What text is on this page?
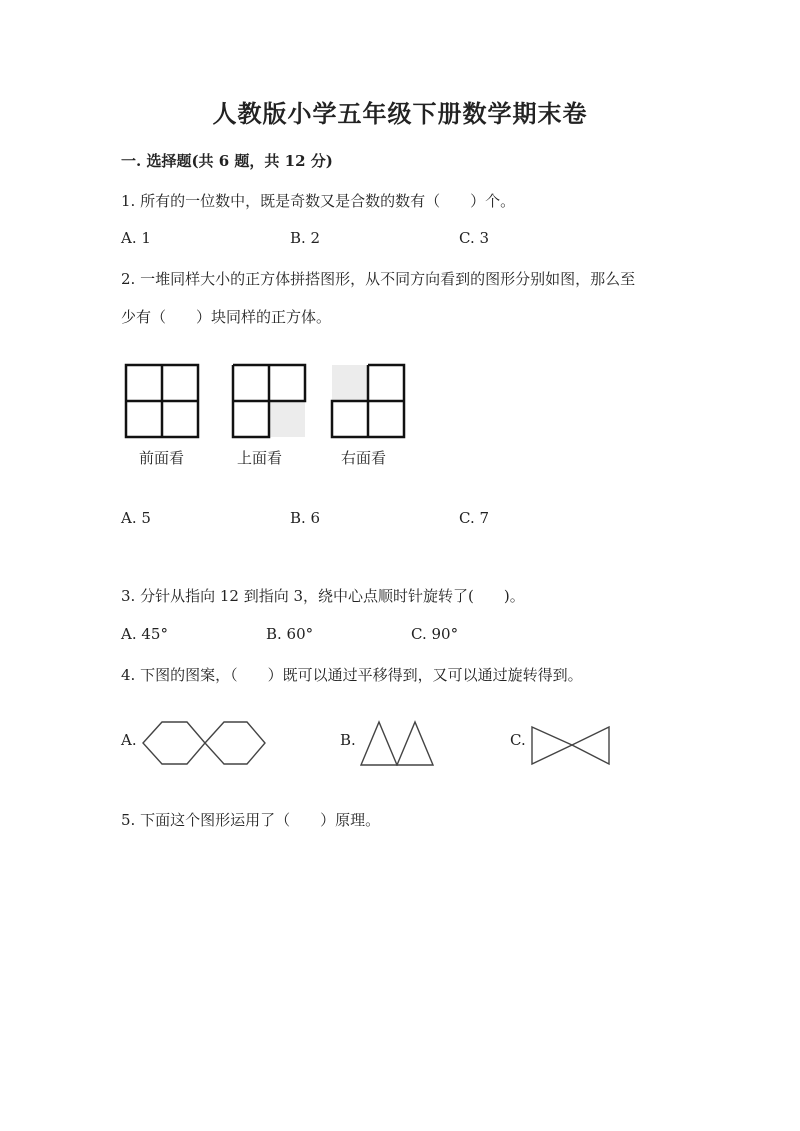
人教版小学五年级下册数学期末卷
一. 选择题(共 6 题，共 12 分)
1. 所有的一位数中，既是奇数又是合数的数有（　　）个。
A. 1	B. 2	C. 3
2. 一堆同样大小的正方体拼搭图形，从不同方向看到的图形分别如图，那么至
少有（　　）块同样的正方体。
前面看	上面看	右面看
A. 5	B. 6	C. 7
3. 分针从指向 12 到指向 3，绕中心点顺时针旋转了(　　)。
A. 45°	B. 60°	C. 90°
4. 下图的图案，（　　）既可以通过平移得到，又可以通过旋转得到。
A.	B.	C.
5. 下面这个图形运用了（　　）原理。
